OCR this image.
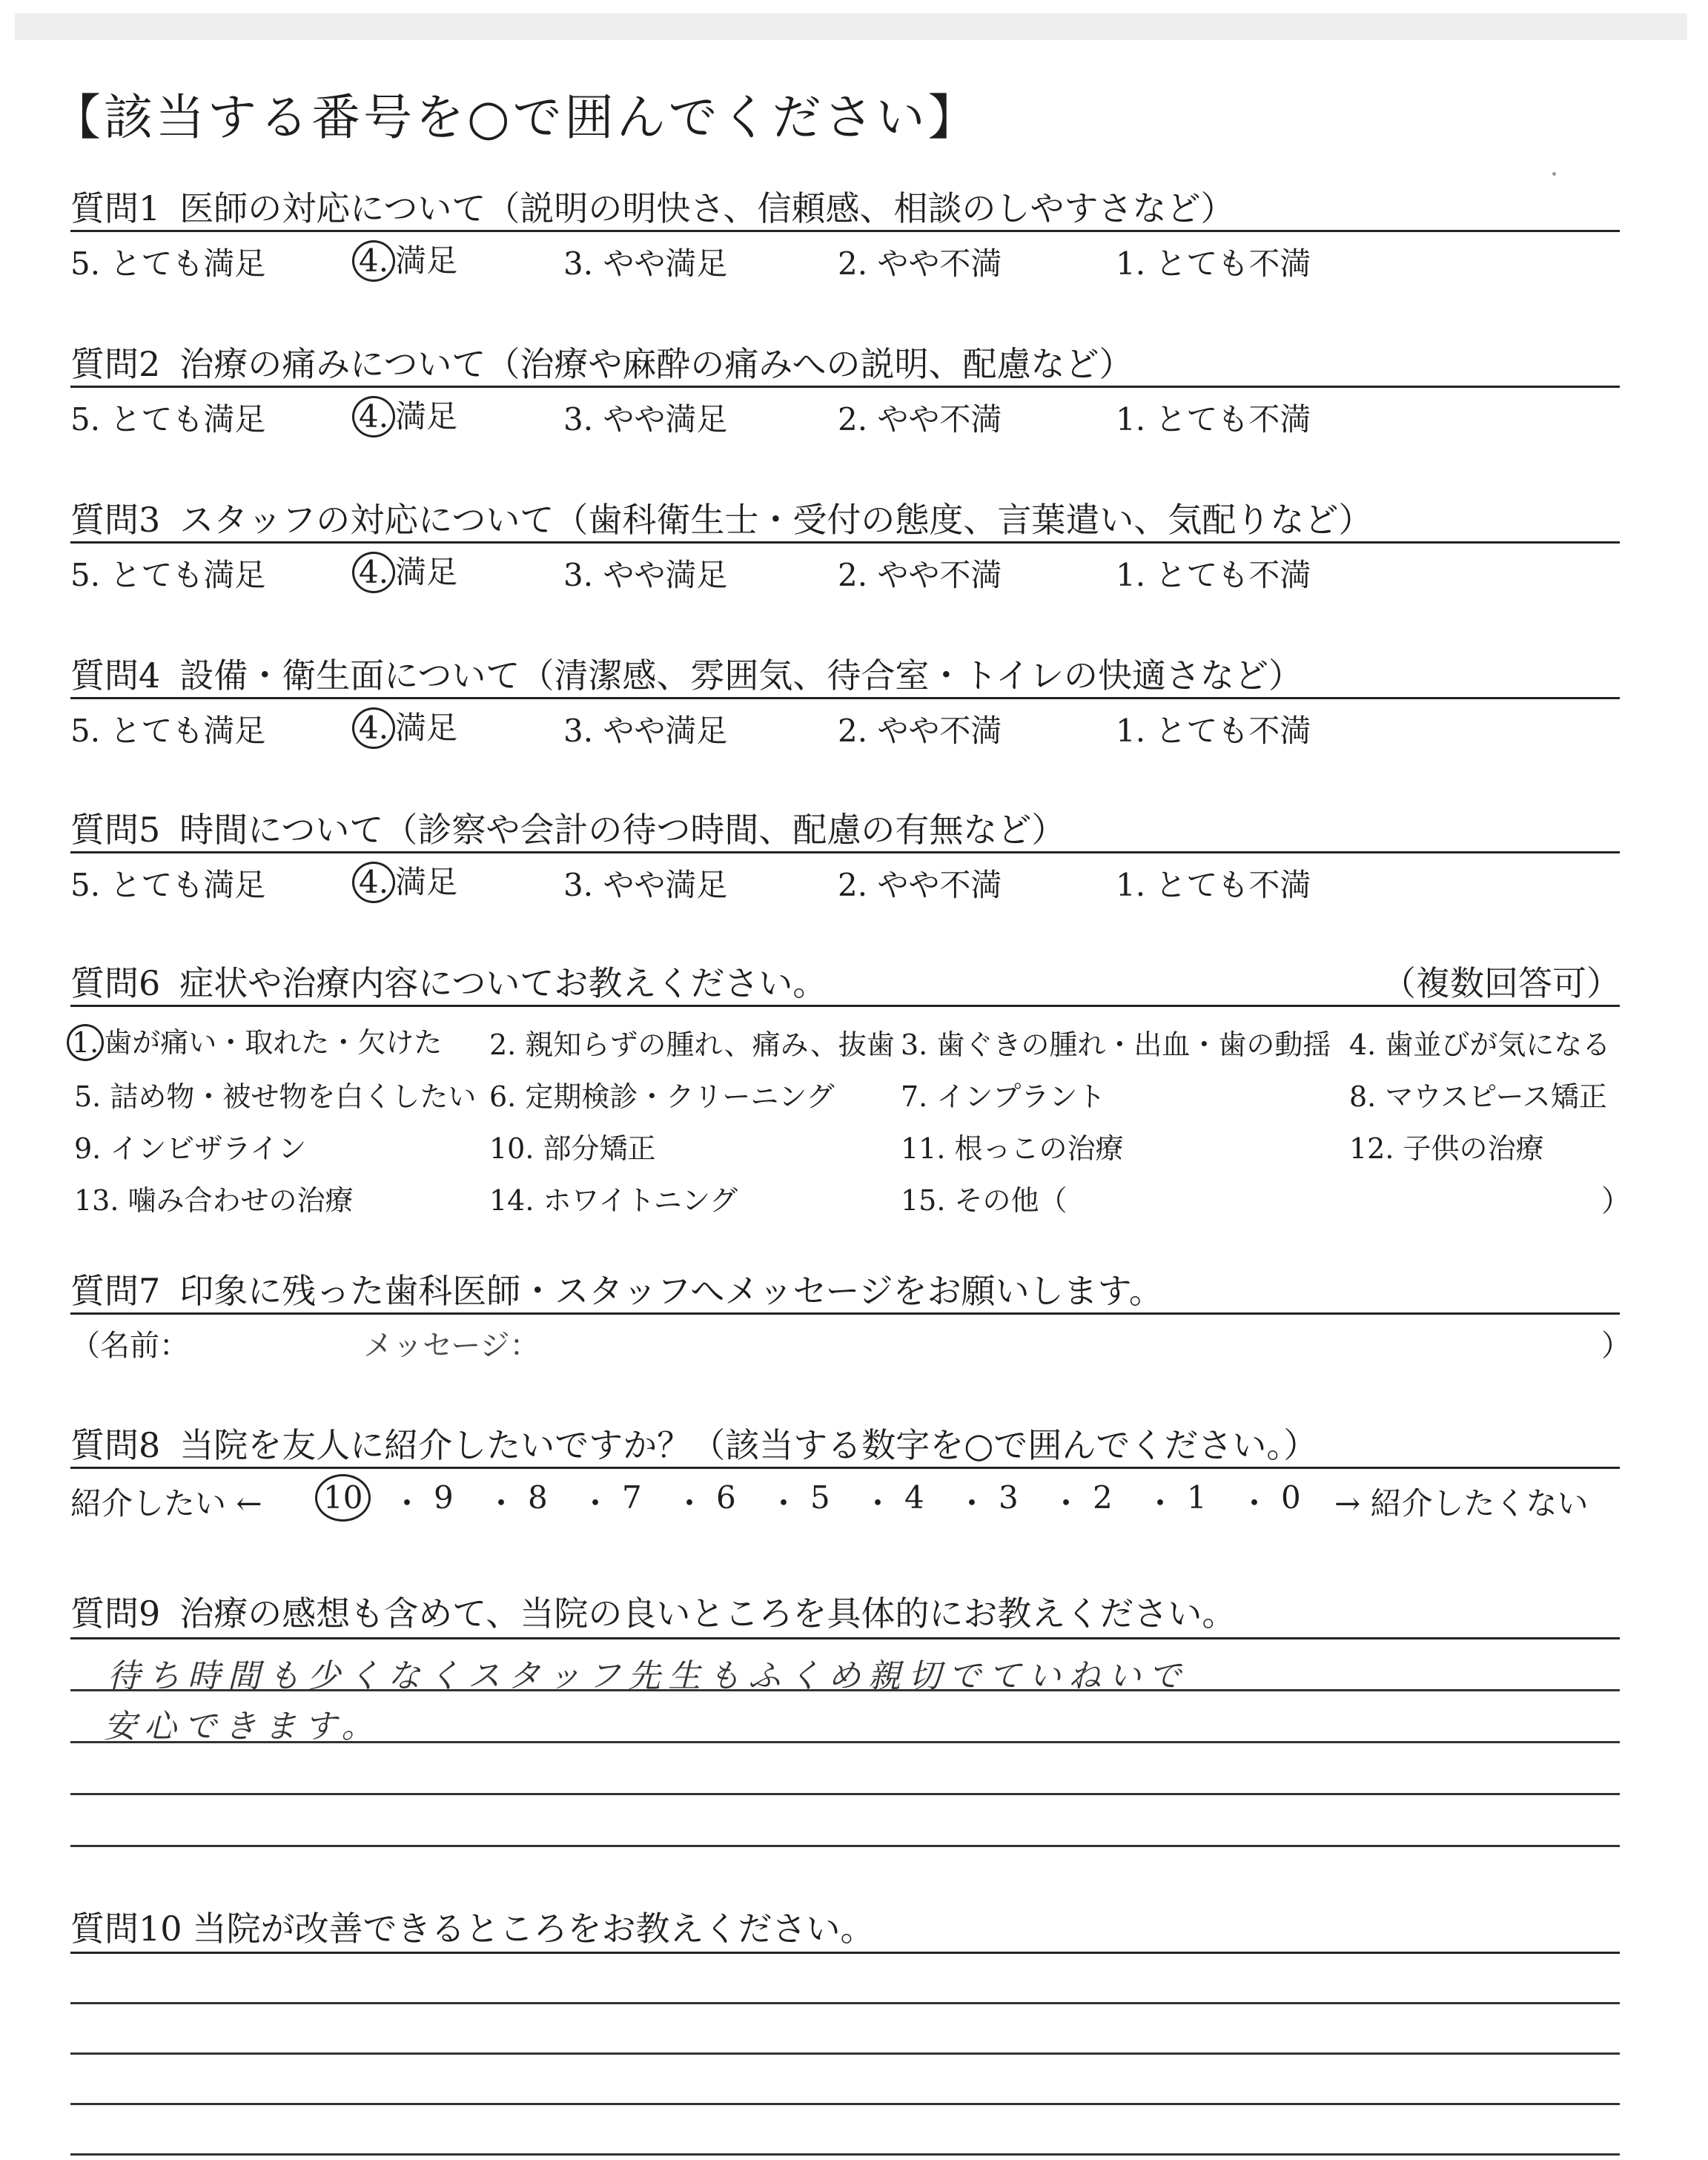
【該当する番号を○で囲んでください】
質問1 医師の対応について（説明の明快さ、信頼感、相談のしやすさなど）
5. とても満足	4. 満足	3. やや満足	2. やや不満	1. とても不満
質問2 治療の痛みについて（治療や麻酔の痛みへの説明、配慮など）
5. とても満足	4. 満足	3. やや満足	2. やや不満	1. とても不満
質問3 スタッフの対応について（歯科衛生士・受付の態度、言葉遣い、気配りなど）
5. とても満足	4. 満足	3. やや満足	2. やや不満	1. とても不満
質問4 設備・衛生面について（清潔感、雰囲気、待合室・トイレの快適さなど）
5. とても満足	4. 満足	3. やや満足	2. やや不満	1. とても不満
質問5 時間について（診察や会計の待つ時間、配慮の有無など）
5. とても満足	4. 満足	3. やや満足	2. やや不満	1. とても不満
質問6 症状や治療内容についてお教えください。	（複数回答可）
1. 歯が痛い・取れた・欠けた 2. 親知らずの腫れ、痛み、抜歯 3. 歯ぐきの腫れ・出血・歯の動揺 4. 歯並びが気になる
5. 詰め物・被せ物を白くしたい 6. 定期検診・クリーニング 7. インプラント	8. マウスピース矯正
9. インビザライン	10. 部分矯正	11. 根っこの治療	12. 子供の治療
13. 噛み合わせの治療	14. ホワイトニング	15. その他（	）
質問7 印象に残った歯科医師・スタッフへメッセージをお願いします。
（名前：	メッセージ：	）
質問8 当院を友人に紹介したいですか？（該当する数字を○で囲んでください。）
紹介したい ← 10 ・ 9 ・ 8 ・ 7 ・ 6 ・ 5 ・ 4 ・ 3 ・ 2 ・ 1 ・ 0 → 紹介したくない
質問9 治療の感想も含めて、当院の良いところを具体的にお教えください。
待ち時間も少くなくスタッフ先生もふくめ親切でていねいで
安心できます。
質問10 当院が改善できるところをお教えください。
